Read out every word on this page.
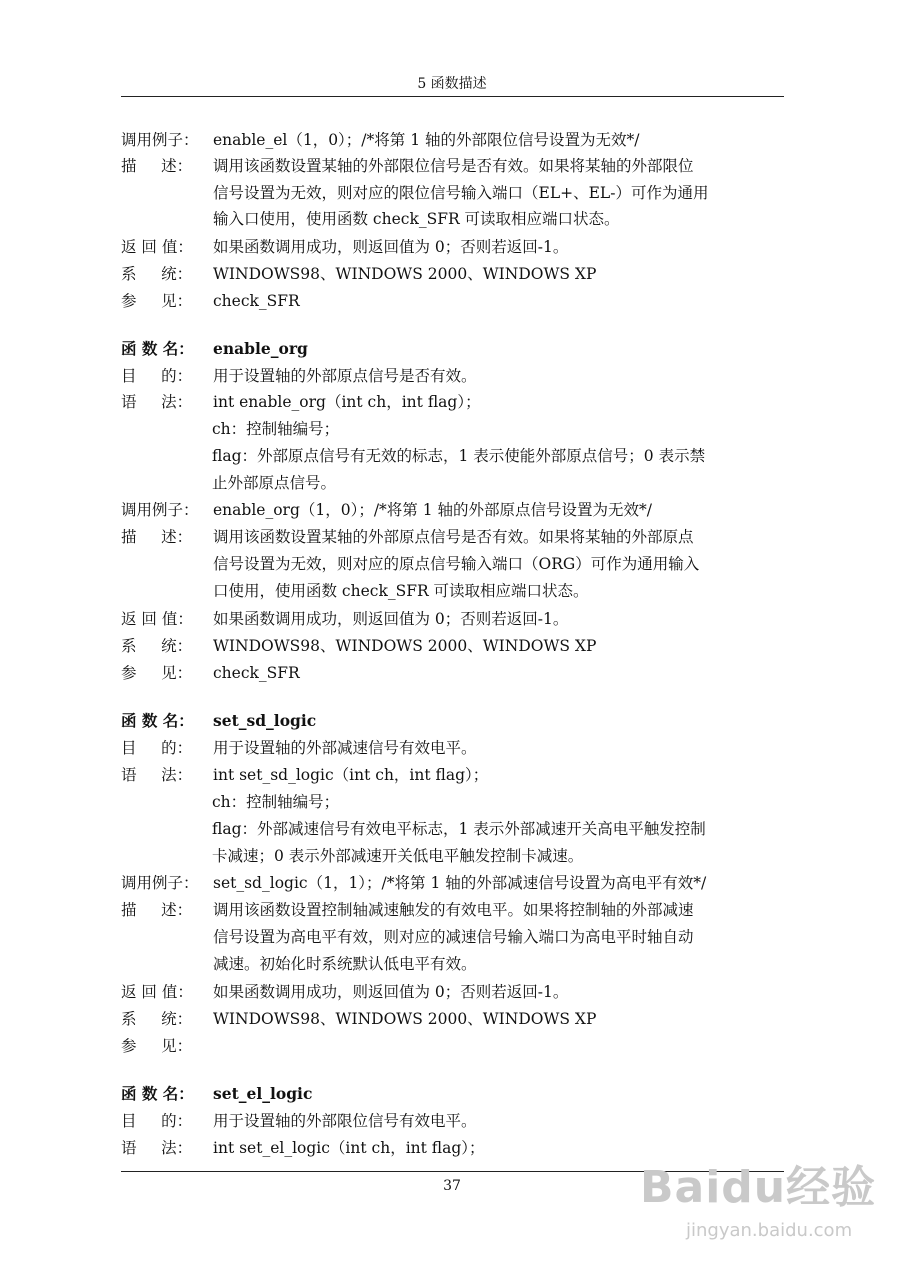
5 函数描述
调用例子： enable_el（1，0）；/*将第 1 轴的外部限位信号设置为无效*/
描     述： 调用该函数设置某轴的外部限位信号是否有效。如果将某轴的外部限位
信号设置为无效，则对应的限位信号输入端口（EL+、EL-）可作为通用
输入口使用，使用函数 check_SFR 可读取相应端口状态。
返 回 值： 如果函数调用成功，则返回值为 0；否则若返回-1。
系     统： WINDOWS98、WINDOWS 2000、WINDOWS XP
参     见： check_SFR
函 数 名： enable_org
目     的： 用于设置轴的外部原点信号是否有效。
语     法： int enable_org（int ch，int flag）；
ch：控制轴编号；
flag：外部原点信号有无效的标志，1 表示使能外部原点信号；0 表示禁
止外部原点信号。
调用例子： enable_org（1，0）；/*将第 1 轴的外部原点信号设置为无效*/
描     述： 调用该函数设置某轴的外部原点信号是否有效。如果将某轴的外部原点
信号设置为无效，则对应的原点信号输入端口（ORG）可作为通用输入
口使用，使用函数 check_SFR 可读取相应端口状态。
返 回 值： 如果函数调用成功，则返回值为 0；否则若返回-1。
系     统： WINDOWS98、WINDOWS 2000、WINDOWS XP
参     见： check_SFR
函 数 名： set_sd_logic
目     的： 用于设置轴的外部减速信号有效电平。
语     法： int set_sd_logic（int ch，int flag）；
ch：控制轴编号；
flag：外部减速信号有效电平标志，1 表示外部减速开关高电平触发控制
卡减速；0 表示外部减速开关低电平触发控制卡减速。
调用例子： set_sd_logic（1，1）；/*将第 1 轴的外部减速信号设置为高电平有效*/
描     述： 调用该函数设置控制轴减速触发的有效电平。如果将控制轴的外部减速
信号设置为高电平有效，则对应的减速信号输入端口为高电平时轴自动
减速。初始化时系统默认低电平有效。
返 回 值： 如果函数调用成功，则返回值为 0；否则若返回-1。
系     统： WINDOWS98、WINDOWS 2000、WINDOWS XP
参     见：
函 数 名： set_el_logic
目     的： 用于设置轴的外部限位信号有效电平。
语     法： int set_el_logic（int ch，int flag）；
37	Baidu经验
jingyan.baidu.com
